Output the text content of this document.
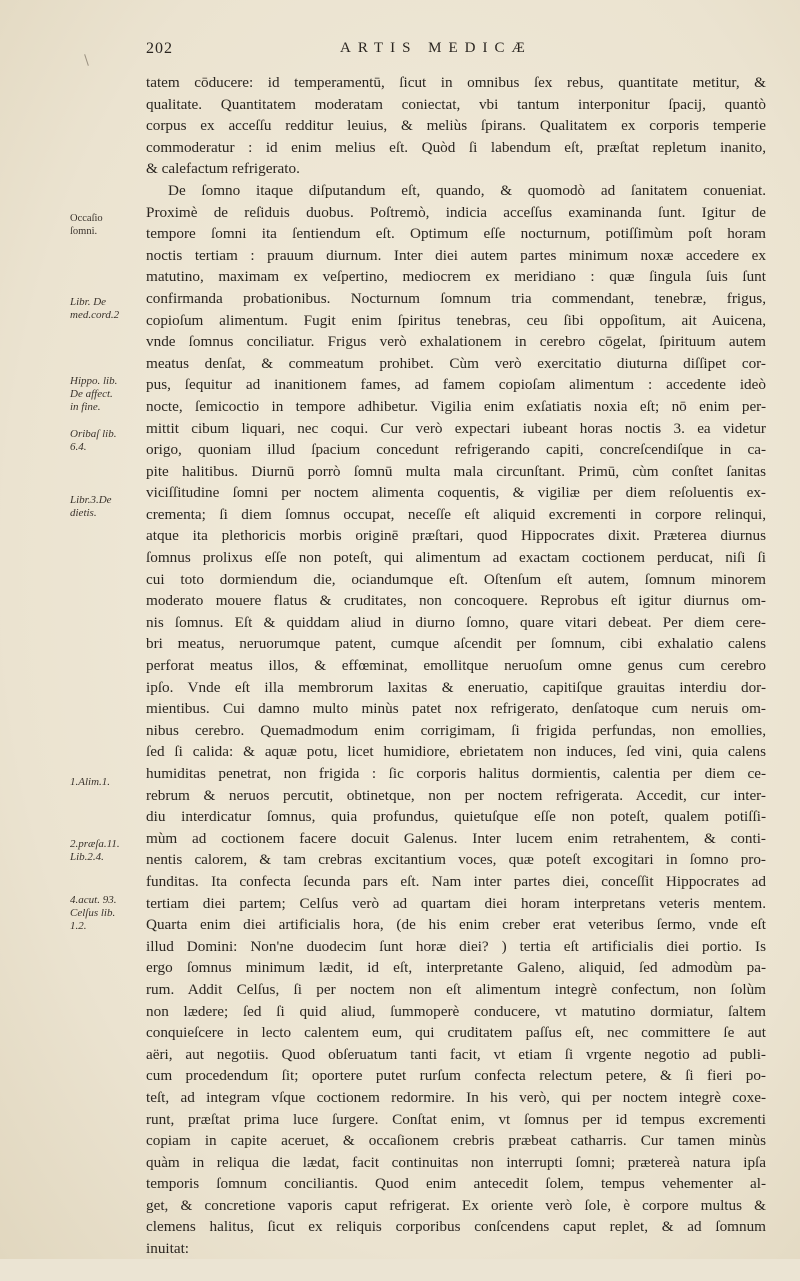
202	ARTIS MEDICÆ
tatem cōducere: id temperamentū, ſicut in omnibus ſex rebus, quantitate metitur, &
qualitate. Quantitatem moderatam coniectat, vbi tantum interponitur ſpacij, quantò
corpus ex acceſſu redditur leuius, & meliùs ſpirans. Qualitatem ex corporis temperie
commoderatur : id enim melius eſt. Quòd ſi labendum eſt, præſtat repletum inanito,
& calefactum refrigerato.
De ſomno itaque diſputandum eſt, quando, & quomodò ad ſanitatem conueniat.
Proximè de reſiduis duobus. Poſtremò, indicia acceſſus examinanda ſunt. Igitur de
tempore ſomni ita ſentiendum eſt. Optimum eſſe nocturnum, potiſſimùm poſt horam
noctis tertiam : prauum diurnum. Inter diei autem partes minimum noxæ accedere ex
matutino, maximam ex veſpertino, mediocrem ex meridiano : quæ ſingula ſuis ſunt
confirmanda probationibus. Nocturnum ſomnum tria commendant, tenebræ, frigus,
copioſum alimentum. Fugit enim ſpiritus tenebras, ceu ſibi oppoſitum, ait Auicena,
vnde ſomnus conciliatur. Frigus verò exhalationem in cerebro cōgelat, ſpirituum autem
meatus denſat, & commeatum prohibet. Cùm verò exercitatio diuturna diſſipet cor-
pus, ſequitur ad inanitionem fames, ad famem copioſam alimentum : accedente ideò
nocte, ſemicoctio in tempore adhibetur. Vigilia enim exſatiatis noxia eſt; nō enim per-
mittit cibum liquari, nec coqui. Cur verò expectari iubeant horas noctis 3. ea videtur
origo, quoniam illud ſpacium concedunt refrigerando capiti, concreſcendiſque in ca-
pite halitibus. Diurnū porrò ſomnū multa mala circunſtant. Primū, cùm conſtet ſanitas
viciſſitudine ſomni per noctem alimenta coquentis, & vigiliæ per diem reſoluentis ex-
crementa; ſi diem ſomnus occupat, neceſſe eſt aliquid excrementi in corpore relinqui,
atque ita plethoricis morbis originē præſtari, quod Hippocrates dixit. Præterea diurnus
ſomnus prolixus eſſe non poteſt, qui alimentum ad exactam coctionem perducat, niſi ſi
cui toto dormiendum die, ociandumque eſt. Oſtenſum eſt autem, ſomnum minorem
moderato mouere flatus & cruditates, non concoquere. Reprobus eſt igitur diurnus om-
nis ſomnus. Eſt & quiddam aliud in diurno ſomno, quare vitari debeat. Per diem cere-
bri meatus, neruorumque patent, cumque aſcendit per ſomnum, cibi exhalatio calens
perforat meatus illos, & effœminat, emollitque neruoſum omne genus cum cerebro
ipſo. Vnde eſt illa membrorum laxitas & eneruatio, capitiſque grauitas interdiu dor-
mientibus. Cui damno multo minùs patet nox refrigerato, denſatoque cum neruis om-
nibus cerebro. Quemadmodum enim corrigimam, ſi frigida perfundas, non emollies,
ſed ſi calida: & aquæ potu, licet humidiore, ebrietatem non induces, ſed vini, quia calens
humiditas penetrat, non frigida : ſic corporis halitus dormientis, calentia per diem ce-
rebrum & neruos percutit, obtinetque, non per noctem refrigerata. Accedit, cur inter-
diu interdicatur ſomnus, quia profundus, quietuſque eſſe non poteſt, qualem potiſſi-
mùm ad coctionem facere docuit Galenus. Inter lucem enim retrahentem, & conti-
nentis calorem, & tam crebras excitantium voces, quæ poteſt excogitari in ſomno pro-
funditas. Ita confecta ſecunda pars eſt. Nam inter partes diei, conceſſit Hippocrates ad
tertiam diei partem; Celſus verò ad quartam diei horam interpretans veteris mentem.
Quarta enim diei artificialis hora, (de his enim creber erat veteribus ſermo, vnde eſt
illud Domini: Non'ne duodecim ſunt horæ diei? ) tertia eſt artificialis diei portio. Is
ergo ſomnus minimum lædit, id eſt, interpretante Galeno, aliquid, ſed admodùm pa-
rum. Addit Celſus, ſi per noctem non eſt alimentum integrè confectum, non ſolùm
non lædere; ſed ſi quid aliud, ſummoperè conducere, vt matutino dormiatur, ſaltem
conquieſcere in lecto calentem eum, qui cruditatem paſſus eſt, nec committere ſe aut
aëri, aut negotiis. Quod obſeruatum tanti facit, vt etiam ſi vrgente negotio ad publi-
cum procedendum ſit; oportere putet rurſum confecta relectum petere, & ſi fieri po-
teſt, ad integram vſque coctionem redormire. In his verò, qui per noctem integrè coxe-
runt, præſtat prima luce ſurgere. Conſtat enim, vt ſomnus per id tempus excrementi
copiam in capite aceruet, & occaſionem crebris præbeat catharris. Cur tamen minùs
quàm in reliqua die lædat, facit continuitas non interrupti ſomni; prætereà natura ipſa
temporis ſomnum conciliantis. Quod enim antecedit ſolem, tempus vehementer al-
get, & concretione vaporis caput refrigerat. Ex oriente verò ſole, è corpore multus &
clemens halitus, ſicut ex reliquis corporibus conſcendens caput replet, & ad ſomnum
inuitat:
Occaſio
ſomni.
Libr. De
med.cord.2
Hippo. lib.
De affect.
in fine.
Oribaſ lib.
6.4.
Libr.3.De
dietis.
1.Alim.1.
2.præſa.11.
Lib.2.4.
4.acut. 93.
Celſus lib.
1.2.
